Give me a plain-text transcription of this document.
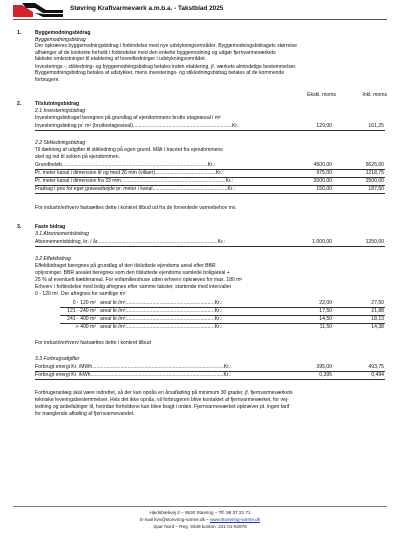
Støvring Kraftvarmeværk a.m.b.a. - Takstblad 2025
1.	Byggemodningsbidrag
Byggemodningsbidrag
Der opkræves byggemodningsbidrag i forbindelse med nye udstykningsområder. Byggemodningsbidragets størrelse
afhænger af de konkrete forhold i forbindelse med den enkelte byggemodning og udgør fjernvarmeværkets
faktiske omkostninger til etablering af hovedledninger i udstykningsområdet.
Investerings -, stikledning- og byggemodningsbidrag betales inden etablering, jf. værkets almindelige bestemmelser.
Byggemodningsbidrag betales af udstykker, mens investerings- og stikledningsbidrag betales af de kommende
forbrugere.
Ekskl. moms	Inkl. moms
2.	Tilslutningsbidrag
2.1 Investeringsbidrag
Investeringsbidraget beregnes på grundlag af ejendommens brutto etageareal i m²
Investeringsbidrag pr. m² (bruttoetageareal)......................................................................Kr.:	129,00	161,25
2.2 Stikledningsbidrag
Til dækning af udgifter til stikledning på egen grund. Målt i tracéet fra ejendommens
skel og ind til soklen på ejendommen.
Grundbeløb.......................................................................................................Kr.:	4500,00	5625,00
Pr. meter kanal i dimension til og med 26 mm (villaer)...........................................Kr.:	975,00	1218,75
Pr. meter kanal i dimension fra 33 mm..........................................................................Kr.:	2000,00	2500,00
Fradrag i pris for eget gravearbejde pr. meter i kanal.....................................................Kr.:	150,00	187,50
For industri/erhverv fastsættes dette i konkret tilbud ud fra de forventede varmebehov mv.
3.	Faste bidrag
3.1 Abonnementsbidrag
Abonnementsbidrag, kr. / år.....................................................................................Kr.:	1.000,00	1250,00
3.2 Effektbidrag
Effektbidraget beregnes på grundlag af den tilsluttede ejendoms areal efter BBR
oplysninger. BBR arealet beregnes som den tilsluttede ejendoms samlede boligareal +
25 % af eventuelt kælderareal. For enfamiliershuse uden erhverv opkræves for max. 180 m²
Erhverv i forbindelse med bolig afregnes efter samme takster, startende med intervallet
0 - 120 m². Der afregnes for samtlige m²
0 - 120 m² areal kr./m²...............................................................Kr.:	22,00	27,50
121 - 240 m² areal kr./m²...............................................................Kr.:	17,50	21,88
241 - 400 m² areal kr./m²...............................................................Kr.:	14,50	18,13
> 400 m² areal kr./m²...............................................................Kr.:	11,50	14,38
For industri/erhverv fastsættes dette i konkret tilbud
3.3 Forbrugsafgifter
Forbrugt energi Kr. /MWh.............................................................................................Kr.:	395,00	493,75
Forbrugt energi Kr. /kWh..............................................................................................Kr.:	0,395	0,494
Forbrugeranlæg skal være indrettet, så der kan opnås en årsafkøling på minimum 30 grader, jf. fjernvarmeværkets
tekniske leveringsbestemmelser. Hvis det ikke opnås, vil forbrugeren blive kontaktet af fjernvarmeværket, for vej-
ledning og anbefalinger til, hvordan forholdene kan blive bragt i orden. Fjernvarmeværket opkræver pt. ingen tarif
for manglende afkøling af fjernvarmevandet.
Hjedsbækvej 2 – 9530 Støvring – Tlf. 98 37 21 71
E-mail kvv@stoevring-varme.dk – www.stoevring-varme.dk
Spar Nord – Reg. 9349 konton. 231-01-62976
